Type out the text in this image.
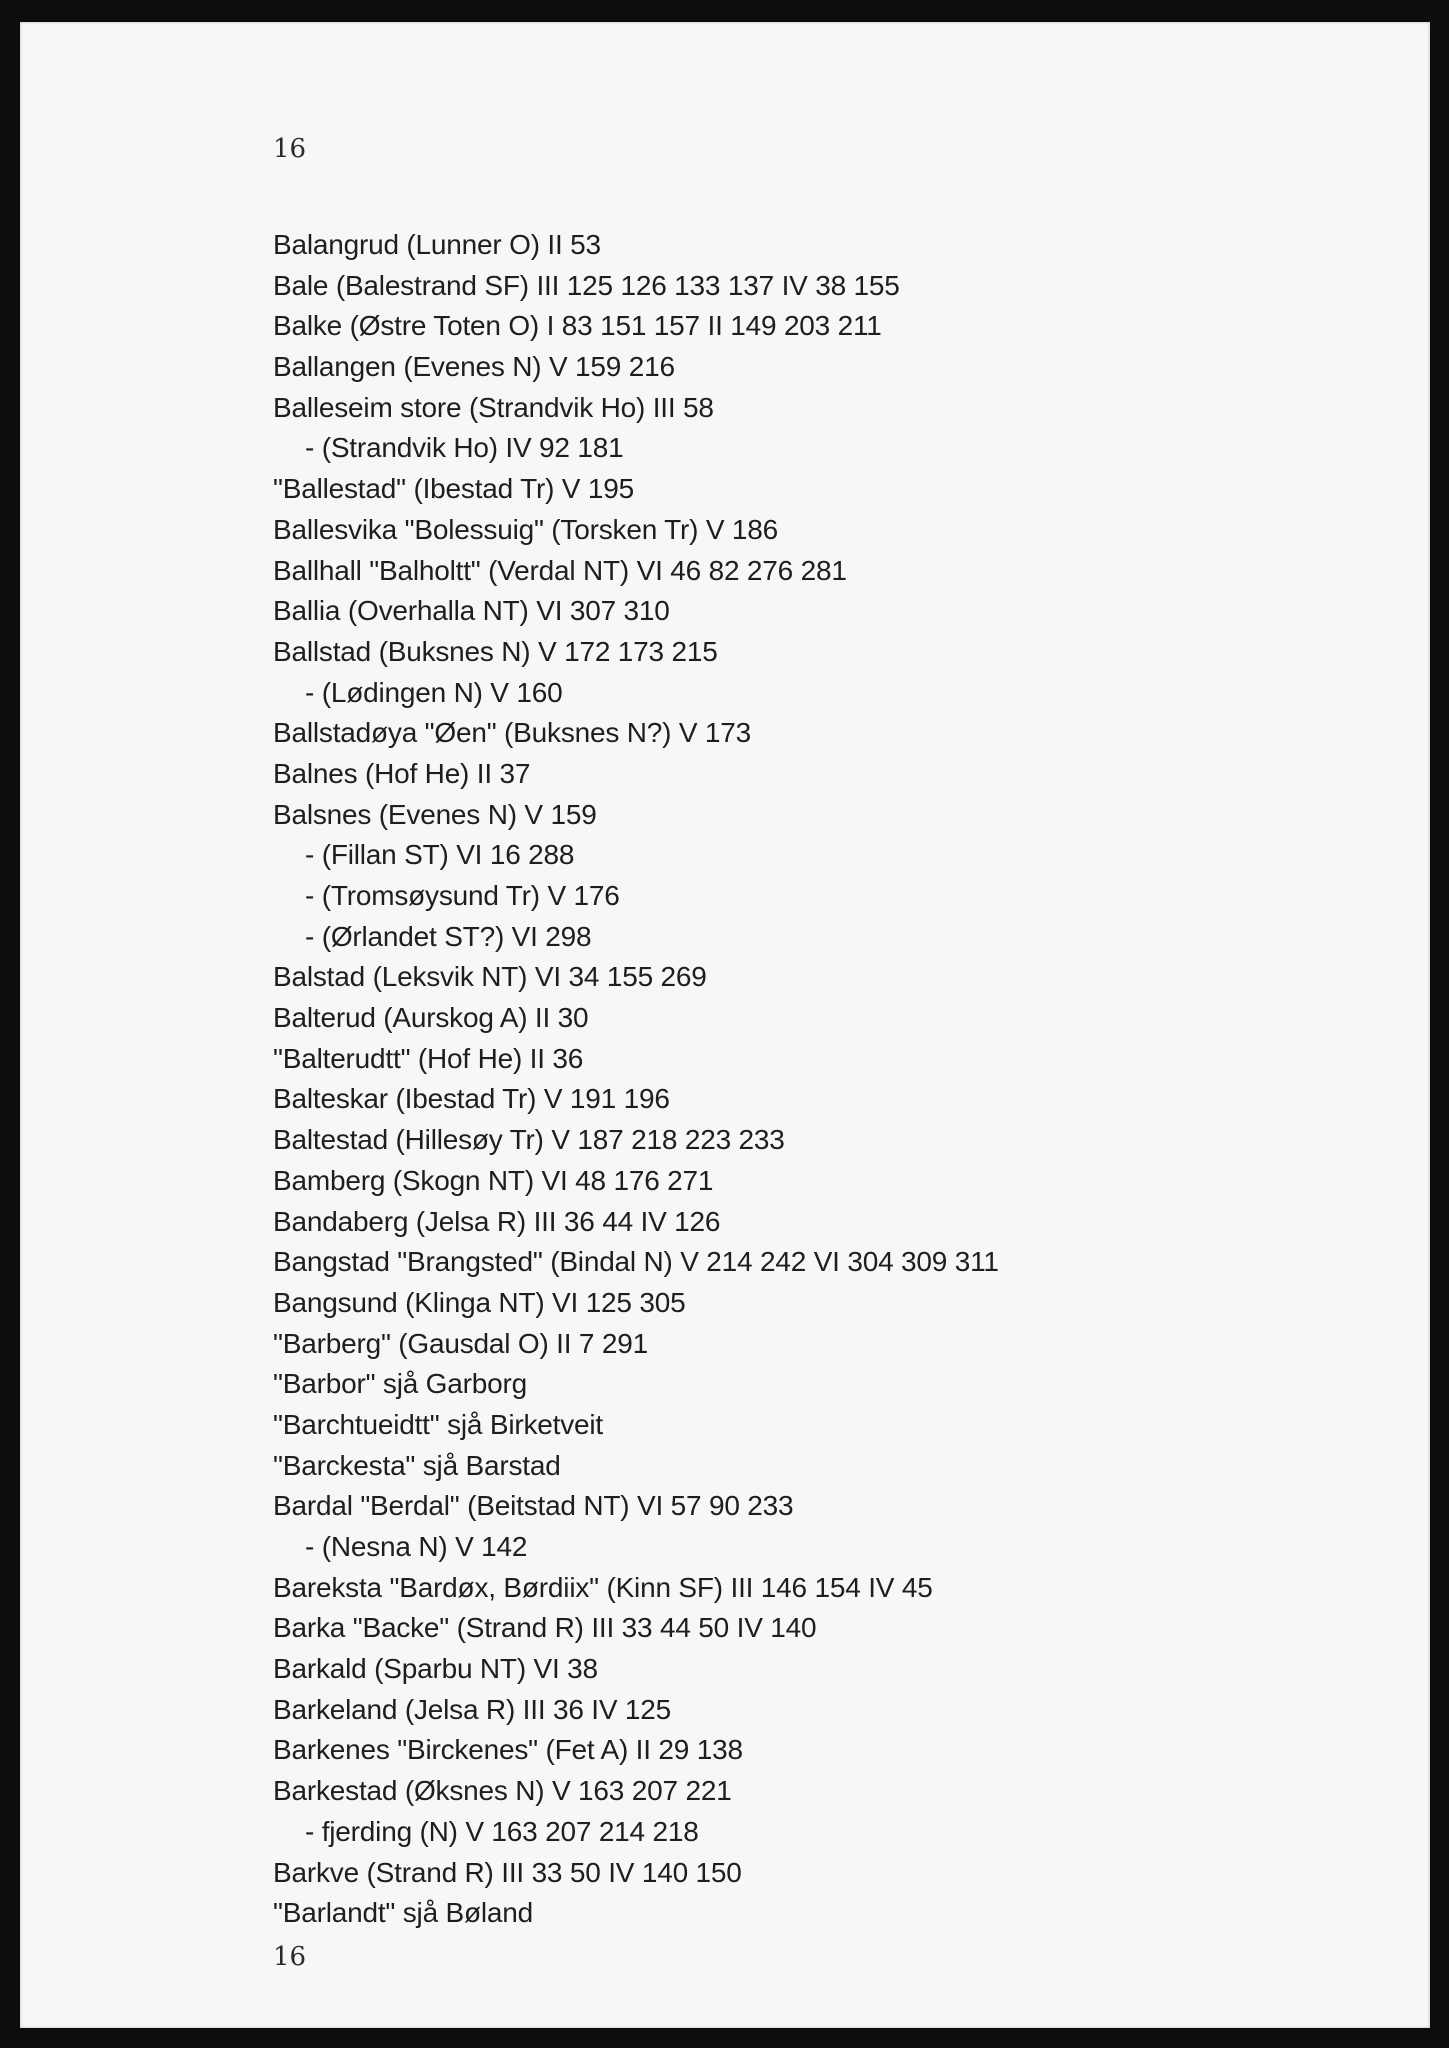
16
Balangrud (Lunner O) II 53
Bale (Balestrand SF) III 125 126 133 137 IV 38 155
Balke (Østre Toten O) I 83 151 157 II 149 203 211
Ballangen (Evenes N) V 159 216
Balleseim store (Strandvik Ho) III 58
- (Strandvik Ho) IV 92 181
"Ballestad" (Ibestad Tr) V 195
Ballesvika "Bolessuig" (Torsken Tr) V 186
Ballhall "Balholtt" (Verdal NT) VI 46 82 276 281
Ballia (Overhalla NT) VI 307 310
Ballstad (Buksnes N) V 172 173 215
- (Lødingen N) V 160
Ballstadøya "Øen" (Buksnes N?) V 173
Balnes (Hof He) II 37
Balsnes (Evenes N) V 159
- (Fillan ST) VI 16 288
- (Tromsøysund Tr) V 176
- (Ørlandet ST?) VI 298
Balstad (Leksvik NT) VI 34 155 269
Balterud (Aurskog A) II 30
"Balterudtt" (Hof He) II 36
Balteskar (Ibestad Tr) V 191 196
Baltestad (Hillesøy Tr) V 187 218 223 233
Bamberg (Skogn NT) VI 48 176 271
Bandaberg (Jelsa R) III 36 44 IV 126
Bangstad "Brangsted" (Bindal N) V 214 242 VI 304 309 311
Bangsund (Klinga NT) VI 125 305
"Barberg" (Gausdal O) II 7 291
"Barbor" sjå Garborg
"Barchtueidtt" sjå Birketveit
"Barckesta" sjå Barstad
Bardal "Berdal" (Beitstad NT) VI 57 90 233
- (Nesna N) V 142
Bareksta "Bardøx, Børdiix" (Kinn SF) III 146 154 IV 45
Barka "Backe" (Strand R) III 33 44 50 IV 140
Barkald (Sparbu NT) VI 38
Barkeland (Jelsa R) III 36 IV 125
Barkenes "Birckenes" (Fet A) II 29 138
Barkestad (Øksnes N) V 163 207 221
- fjerding (N) V 163 207 214 218
Barkve (Strand R) III 33 50 IV 140 150
"Barlandt" sjå Bøland
16
